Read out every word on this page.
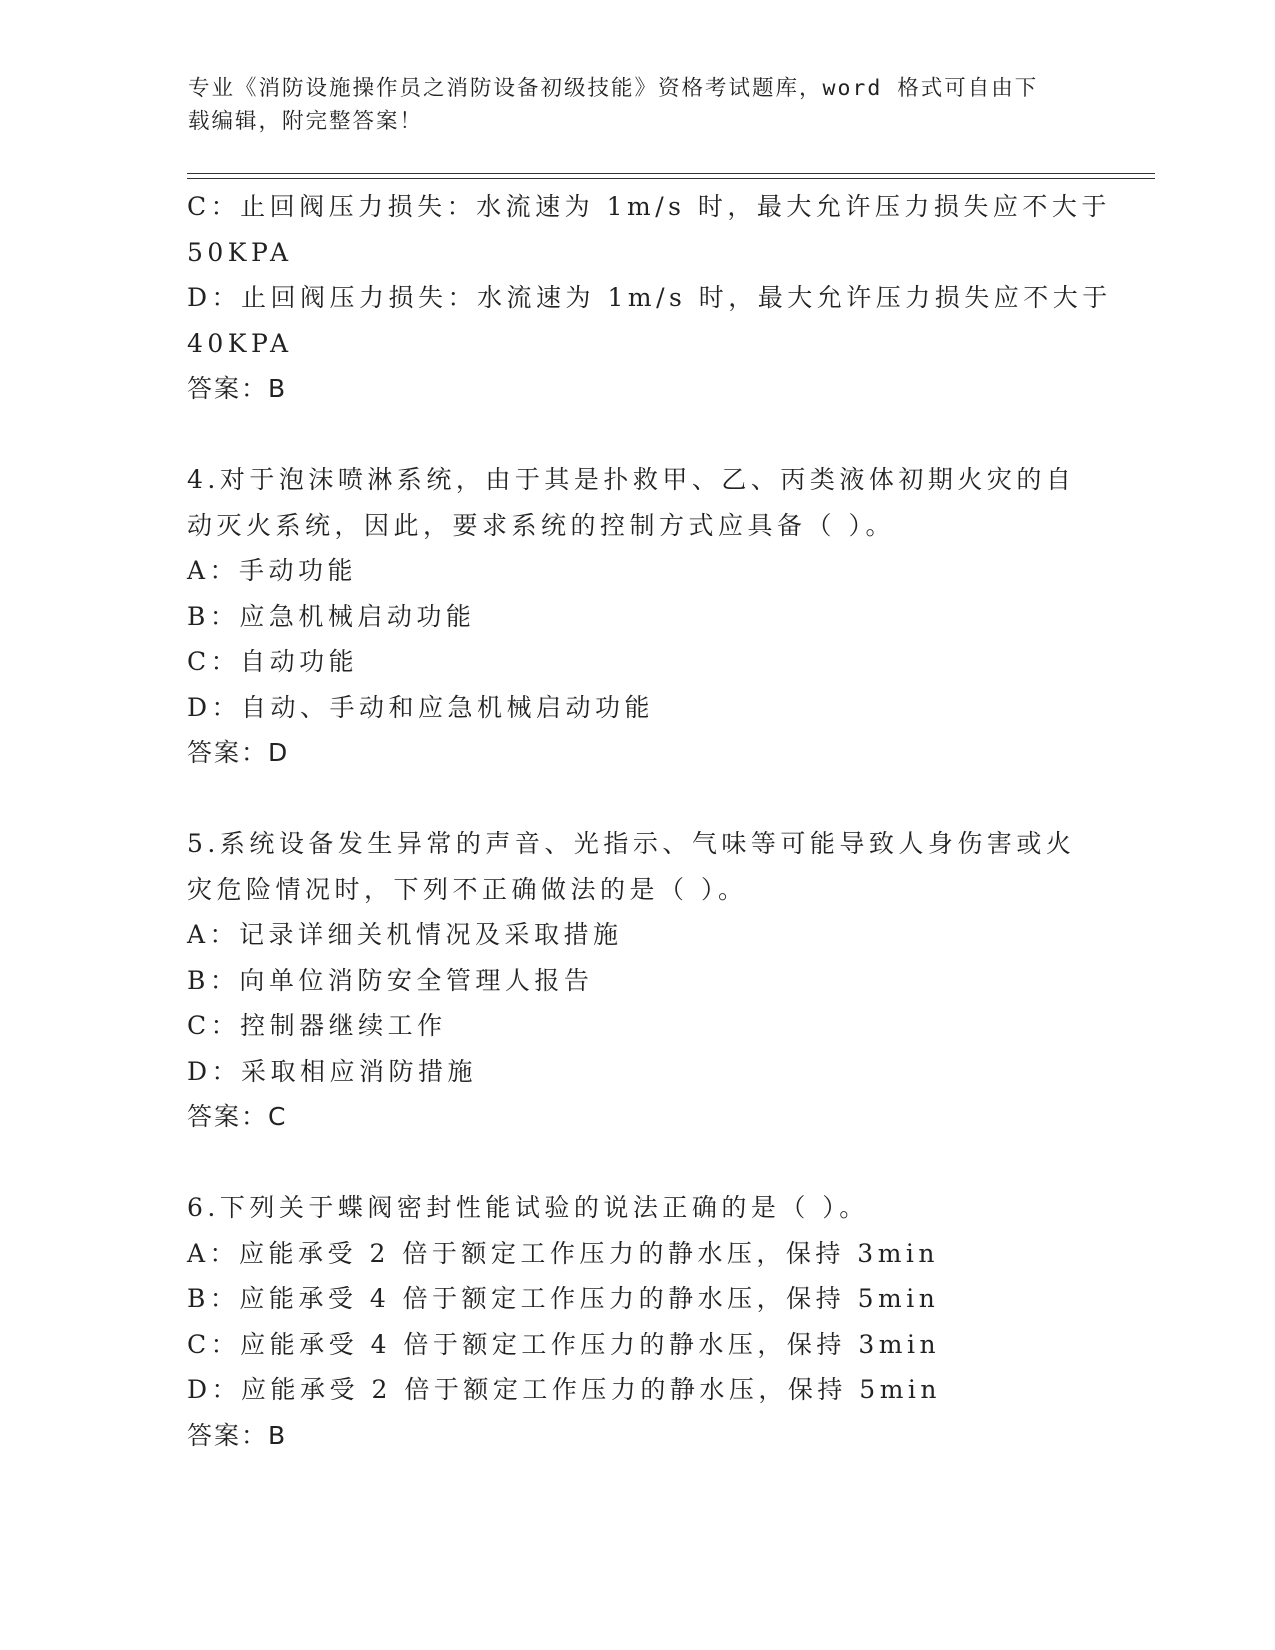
专业《消防设施操作员之消防设备初级技能》资格考试题库，word 格式可自由下
载编辑，附完整答案！
C：止回阀压力损失：水流速为 1m/s 时，最大允许压力损失应不大于
50KPA
D：止回阀压力损失：水流速为 1m/s 时，最大允许压力损失应不大于
40KPA
答案：B
4.对于泡沫喷淋系统，由于其是扑救甲、乙、丙类液体初期火灾的自
动灭火系统，因此，要求系统的控制方式应具备（ ）。
A：手动功能
B：应急机械启动功能
C：自动功能
D：自动、手动和应急机械启动功能
答案：D
5.系统设备发生异常的声音、光指示、气味等可能导致人身伤害或火
灾危险情况时，下列不正确做法的是（ ）。
A：记录详细关机情况及采取措施
B：向单位消防安全管理人报告
C：控制器继续工作
D：采取相应消防措施
答案：C
6.下列关于蝶阀密封性能试验的说法正确的是（ ）。
A：应能承受 2 倍于额定工作压力的静水压，保持 3min
B：应能承受 4 倍于额定工作压力的静水压，保持 5min
C：应能承受 4 倍于额定工作压力的静水压，保持 3min
D：应能承受 2 倍于额定工作压力的静水压，保持 5min
答案：B
